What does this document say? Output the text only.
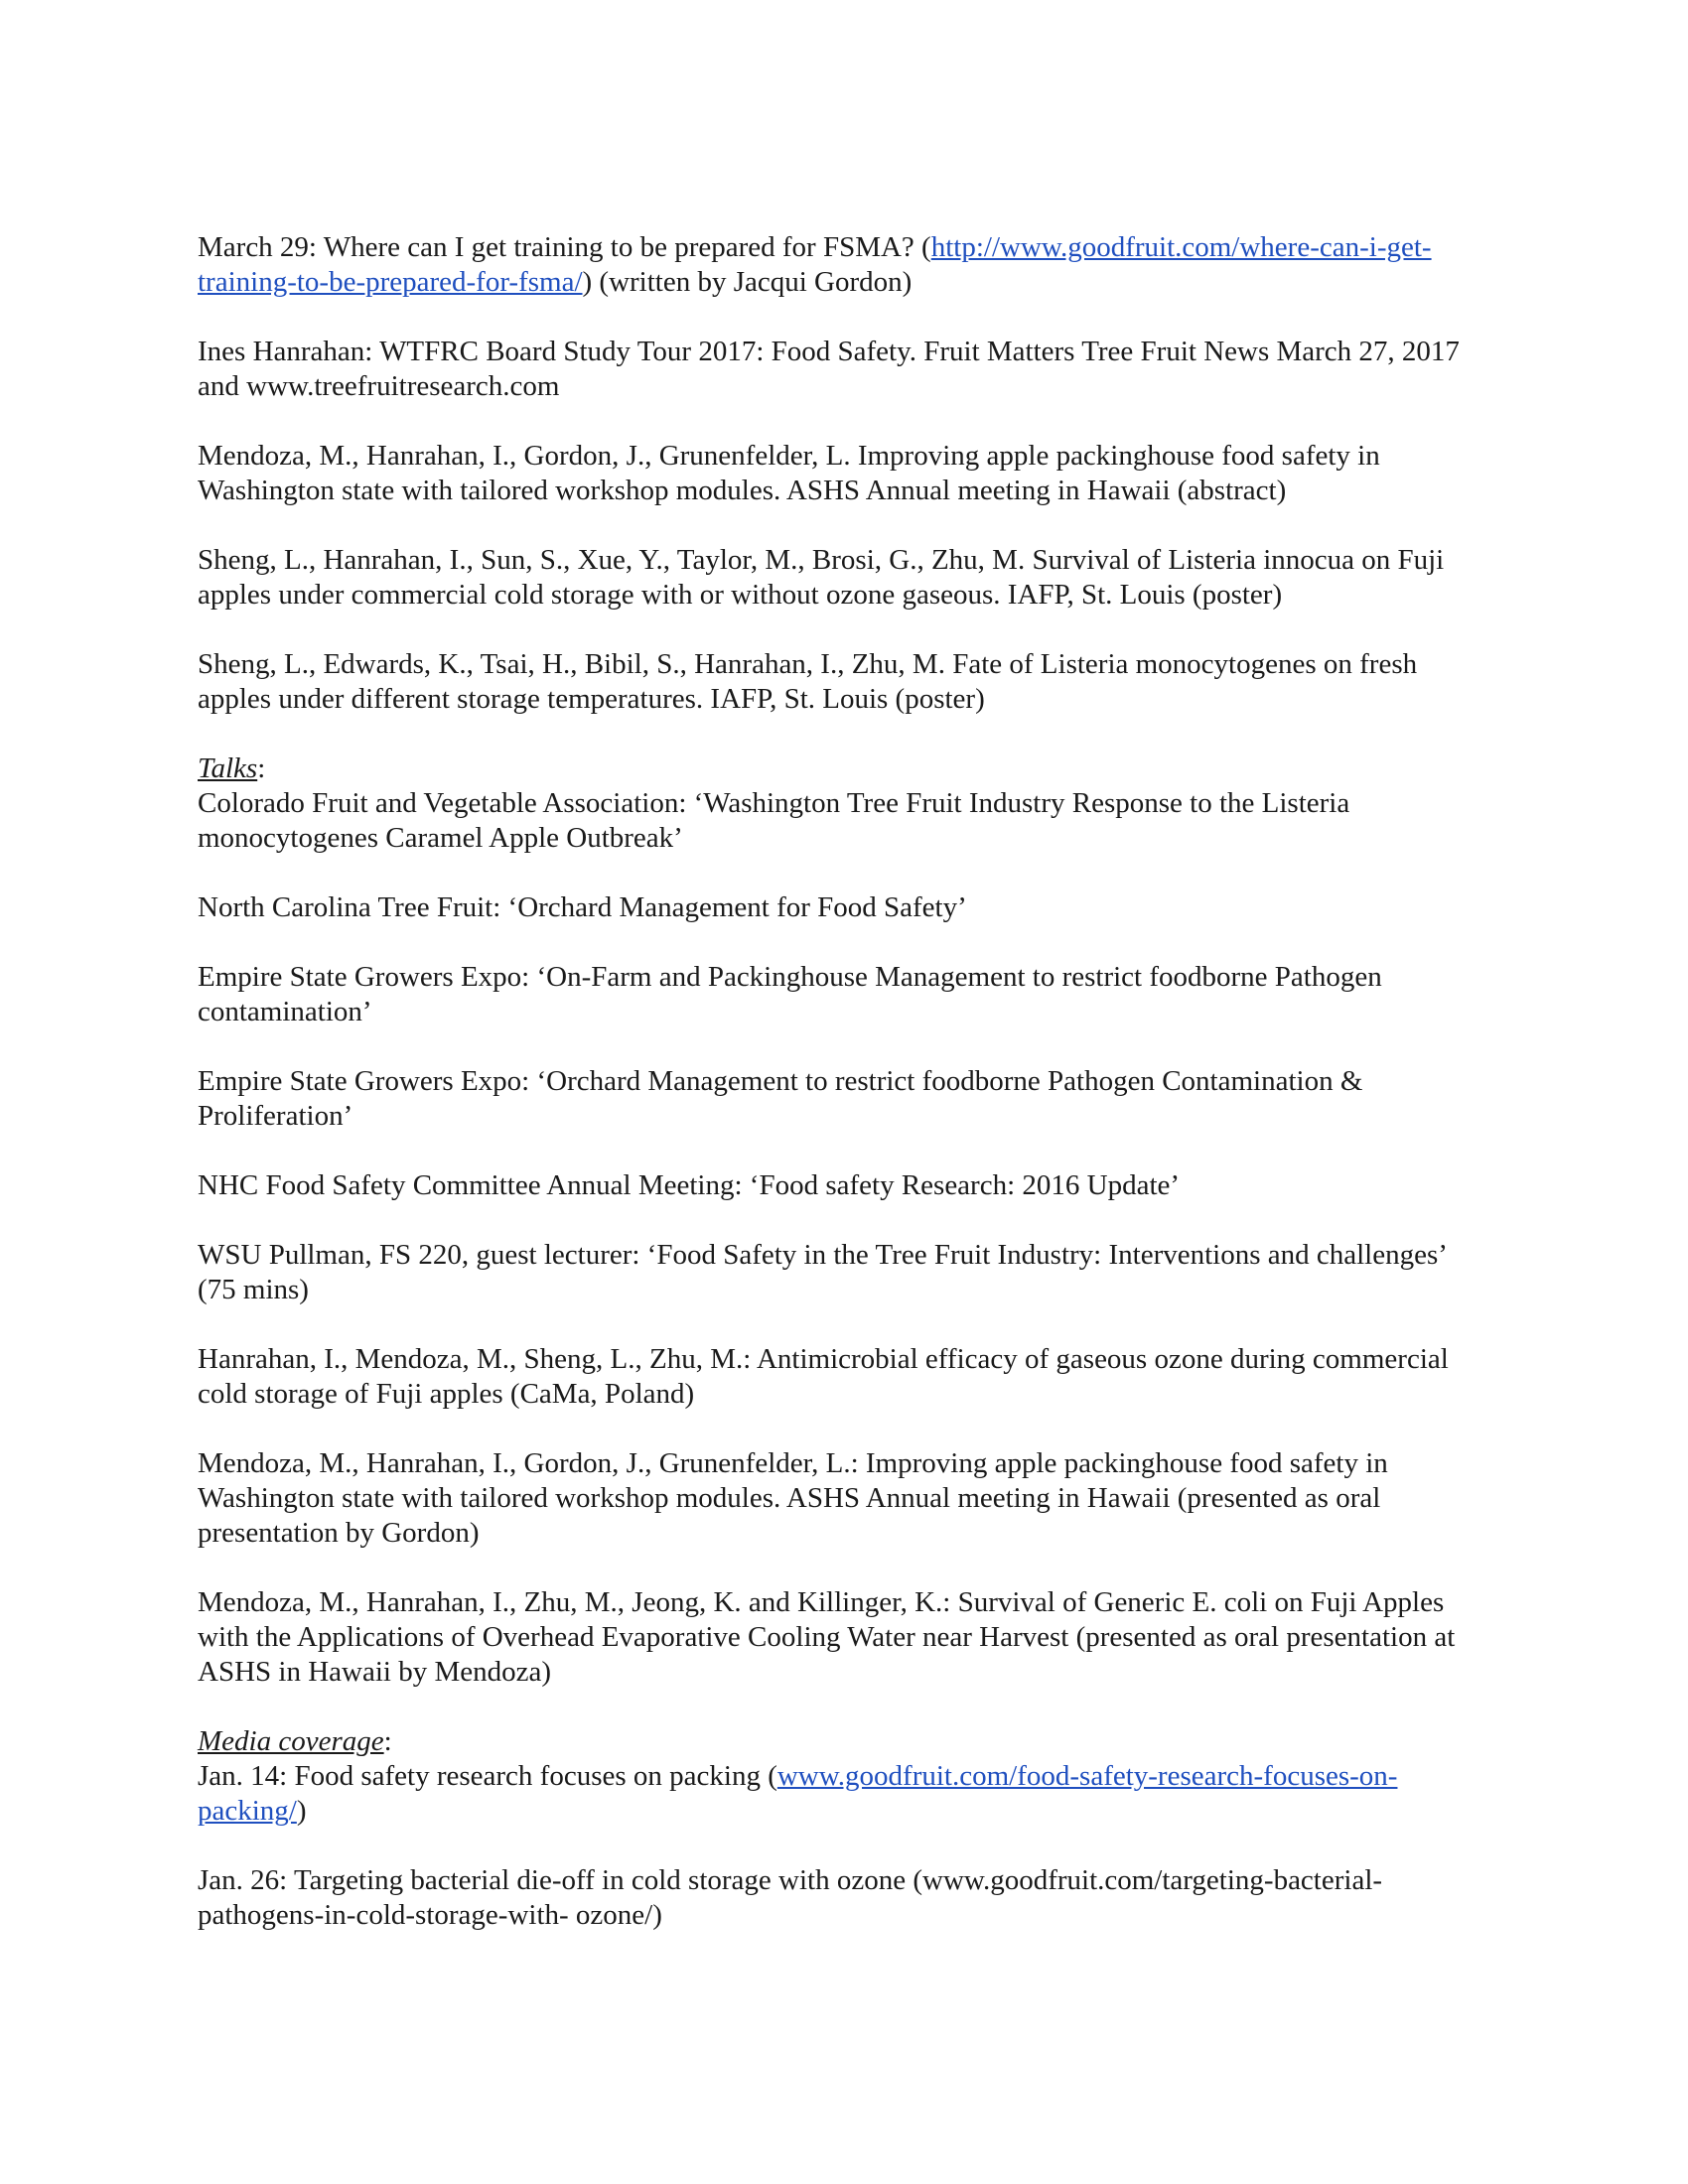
March 29: Where can I get training to be prepared for FSMA? (http://www.goodfruit.com/where-can-i-get-training-to-be-prepared-for-fsma/) (written by Jacqui Gordon)

Ines Hanrahan: WTFRC Board Study Tour 2017: Food Safety. Fruit Matters Tree Fruit News March 27, 2017 and www.treefruitresearch.com

Mendoza, M., Hanrahan, I., Gordon, J., Grunenfelder, L. Improving apple packinghouse food safety in Washington state with tailored workshop modules. ASHS Annual meeting in Hawaii (abstract)

Sheng, L., Hanrahan, I., Sun, S., Xue, Y., Taylor, M., Brosi, G., Zhu, M. Survival of Listeria innocua on Fuji apples under commercial cold storage with or without ozone gaseous. IAFP, St. Louis (poster)

Sheng, L., Edwards, K., Tsai, H., Bibil, S., Hanrahan, I., Zhu, M. Fate of Listeria monocytogenes on fresh apples under different storage temperatures. IAFP, St. Louis (poster)

Talks:

Colorado Fruit and Vegetable Association: ‘Washington Tree Fruit Industry Response to the Listeria monocytogenes Caramel Apple Outbreak’

North Carolina Tree Fruit: ‘Orchard Management for Food Safety’

Empire State Growers Expo: ‘On-Farm and Packinghouse Management to restrict foodborne Pathogen contamination’

Empire State Growers Expo: ‘Orchard Management to restrict foodborne Pathogen Contamination & Proliferation’

NHC Food Safety Committee Annual Meeting: ‘Food safety Research: 2016 Update’

WSU Pullman, FS 220, guest lecturer: ‘Food Safety in the Tree Fruit Industry: Interventions and challenges’ (75 mins)

Hanrahan, I., Mendoza, M., Sheng, L., Zhu, M.: Antimicrobial efficacy of gaseous ozone during commercial cold storage of Fuji apples (CaMa, Poland)

Mendoza, M., Hanrahan, I., Gordon, J., Grunenfelder, L.: Improving apple packinghouse food safety in Washington state with tailored workshop modules. ASHS Annual meeting in Hawaii (presented as oral presentation by Gordon)

Mendoza, M., Hanrahan, I., Zhu, M., Jeong, K. and Killinger, K.: Survival of Generic E. coli on Fuji Apples with the Applications of Overhead Evaporative Cooling Water near Harvest (presented as oral presentation at ASHS in Hawaii by Mendoza)

Media coverage:

Jan. 14: Food safety research focuses on packing (www.goodfruit.com/food-safety-research-focuses-on-packing/)

Jan. 26: Targeting bacterial die-off in cold storage with ozone (www.goodfruit.com/targeting-bacterial-pathogens-in-cold-storage-with- ozone/)
